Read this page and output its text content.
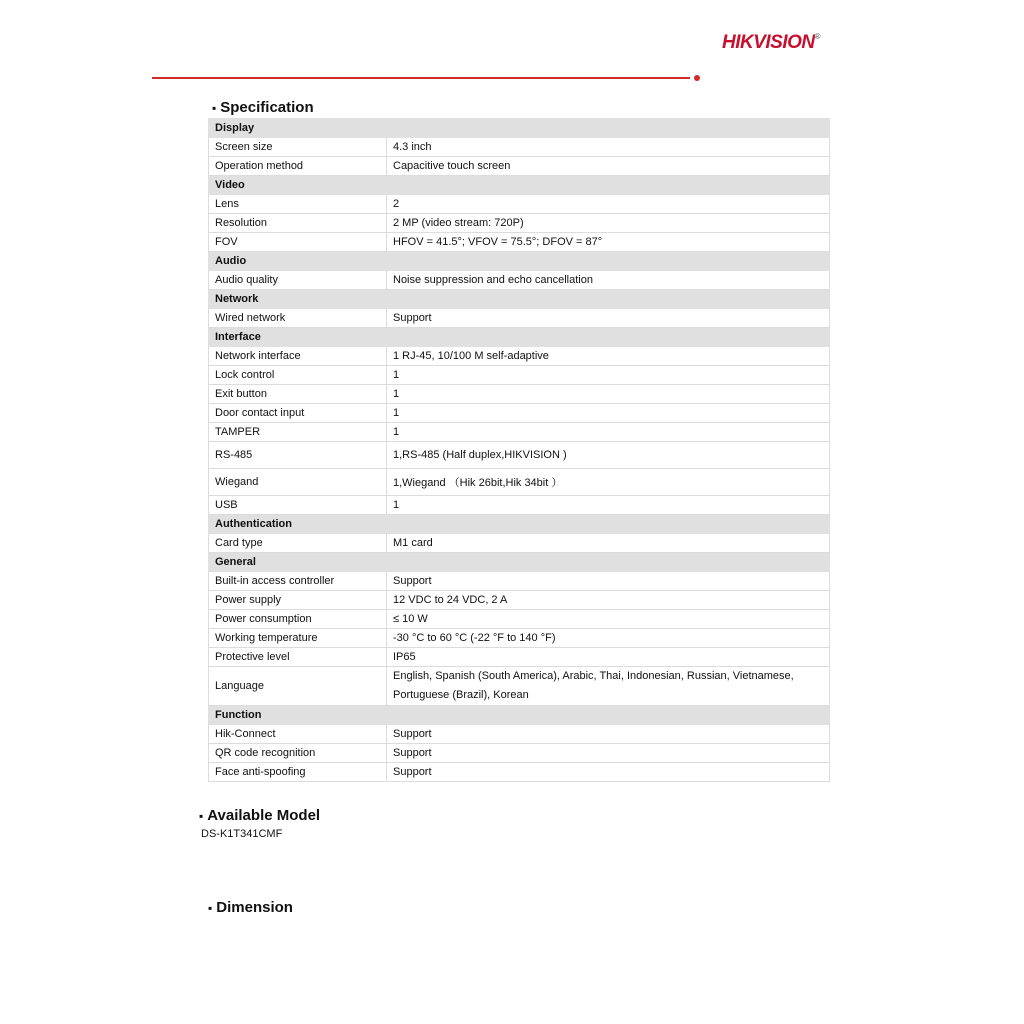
HIKVISION®
▪ Specification
Display	
Screen size	4.3 inch
Operation method	Capacitive touch screen
Video	
Lens	2
Resolution	2 MP (video stream: 720P)
FOV	HFOV = 41.5°; VFOV = 75.5°; DFOV = 87°
Audio	
Audio quality	Noise suppression and echo cancellation
Network	
Wired network	Support
Interface	
Network interface	1 RJ-45, 10/100 M self-adaptive
Lock control	1
Exit button	1
Door contact input	1
TAMPER	1
RS-485	1,RS-485 (Half duplex,HIKVISION )
Wiegand	1,Wiegand （Hik 26bit,Hik 34bit ）
USB	1
Authentication	
Card type	M1 card
General	
Built-in access controller	Support
Power supply	12 VDC to 24 VDC, 2 A
Power consumption	≤ 10 W
Working temperature	-30 °C to 60 °C (-22 °F to 140 °F)
Protective level	IP65
Language	English, Spanish (South America), Arabic, Thai, Indonesian, Russian, Vietnamese, Portuguese (Brazil), Korean
Function	
Hik-Connect	Support
QR code recognition	Support
Face anti-spoofing	Support
▪ Available Model
DS-K1T341CMF
▪ Dimension
